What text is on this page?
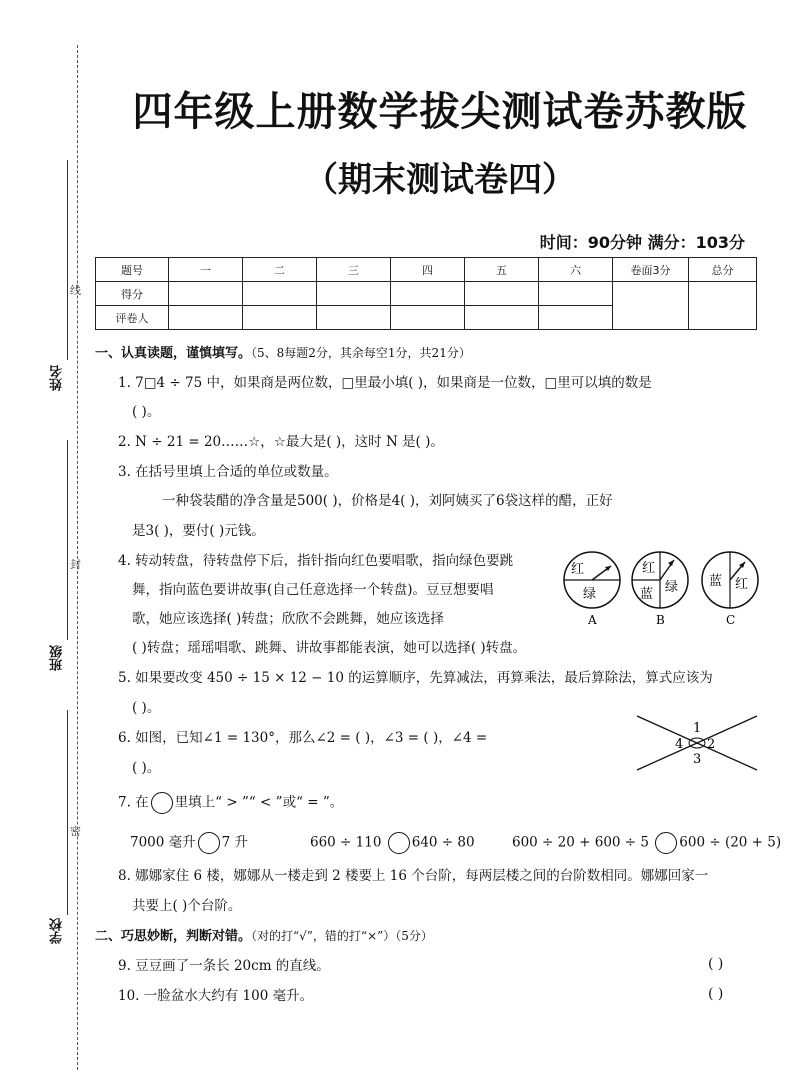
线
封
密
姓名
班级
学校
四年级上册数学拔尖测试卷苏教版
（期末测试卷四）
时间：90分钟 满分：103分
题号	一	二	三	四	五	六	卷面3分	总分
得分								
评卷人								
一、认真读题，谨慎填写。（5、8每题2分，其余每空1分，共21分）
1. 7□4 ÷ 75 中，如果商是两位数，□里最小填( )，如果商是一位数，□里可以填的数是
( )。
2. N ÷ 21 = 20……☆，☆最大是( )，这时 N 是( )。
3. 在括号里填上合适的单位或数量。
一种袋装醋的净含量是500( )，价格是4( )，刘阿姨买了6袋这样的醋，正好
是3( )，要付( )元钱。
4. 转动转盘，待转盘停下后，指针指向红色要唱歌，指向绿色要跳
舞，指向蓝色要讲故事(自己任意选择一个转盘)。豆豆想要唱
歌，她应该选择( )转盘；欣欣不会跳舞，她应该选择
( )转盘；瑶瑶唱歌、跳舞、讲故事都能表演，她可以选择( )转盘。
红
绿
A
红
蓝 绿
B
蓝 红
C
5. 如果要改变 450 ÷ 15 × 12 − 10 的运算顺序，先算减法，再算乘法，最后算除法，算式应该为
( )。
6. 如图，已知∠1 = 130°，那么∠2 = ( )，∠3 = ( )，∠4 =
( )。
1
2
3
4
7. 在 里填上“ > ”“ < ”或“ = ”。
7000 毫升 7 升	660 ÷ 110 640 ÷ 80	600 ÷ 20 + 600 ÷ 5 600 ÷ (20 + 5)
8. 娜娜家住 6 楼，娜娜从一楼走到 2 楼要上 16 个台阶，每两层楼之间的台阶数相同。娜娜回家一
共要上( )个台阶。
二、巧思妙断，判断对错。（对的打“√”，错的打“×”）（5分）
9. 豆豆画了一条长 20cm 的直线。	( )
10. 一脸盆水大约有 100 毫升。	( )
